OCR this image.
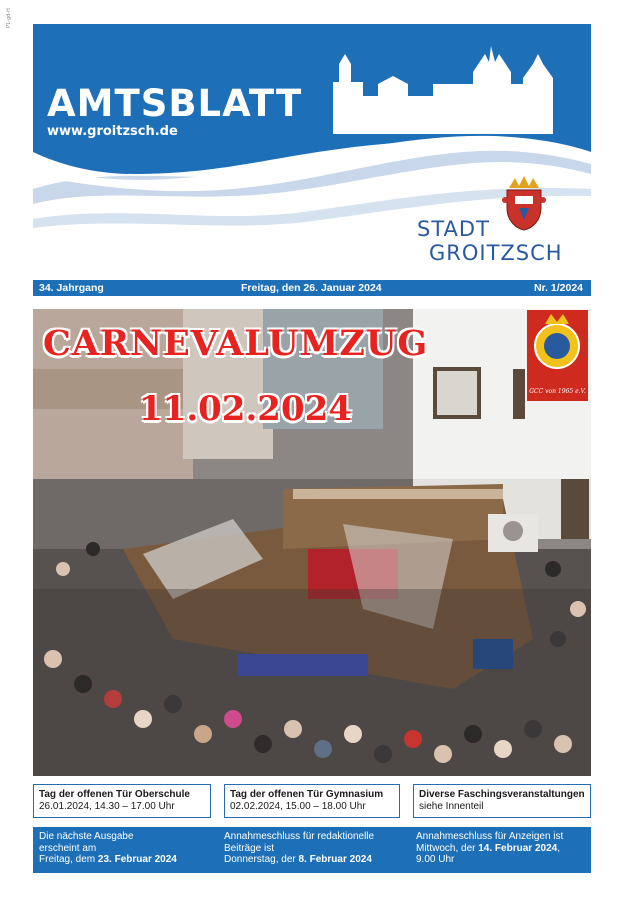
P1-gd-H
AMTSBLATT
www.groitzsch.de
STADT
GROITZSCH
34. Jahrgang	Freitag, den 26. Januar 2024	Nr. 1/2024
GCC von 1965 e.V.
CARNEVALUMZUG
11.02.2024
Tag der offenen Tür Oberschule
26.01.2024, 14.30 – 17.00 Uhr
Tag der offenen Tür Gymnasium
02.02.2024, 15.00 – 18.00 Uhr
Diverse Faschingsveranstaltungen
siehe Innenteil
Die nächste Ausgabe
erscheint am
Freitag, dem 23. Februar 2024
Annahmeschluss für redaktionelle
Beiträge ist
Donnerstag, der 8. Februar 2024
Annahmeschluss für Anzeigen ist
Mittwoch, der 14. Februar 2024,
9.00 Uhr
